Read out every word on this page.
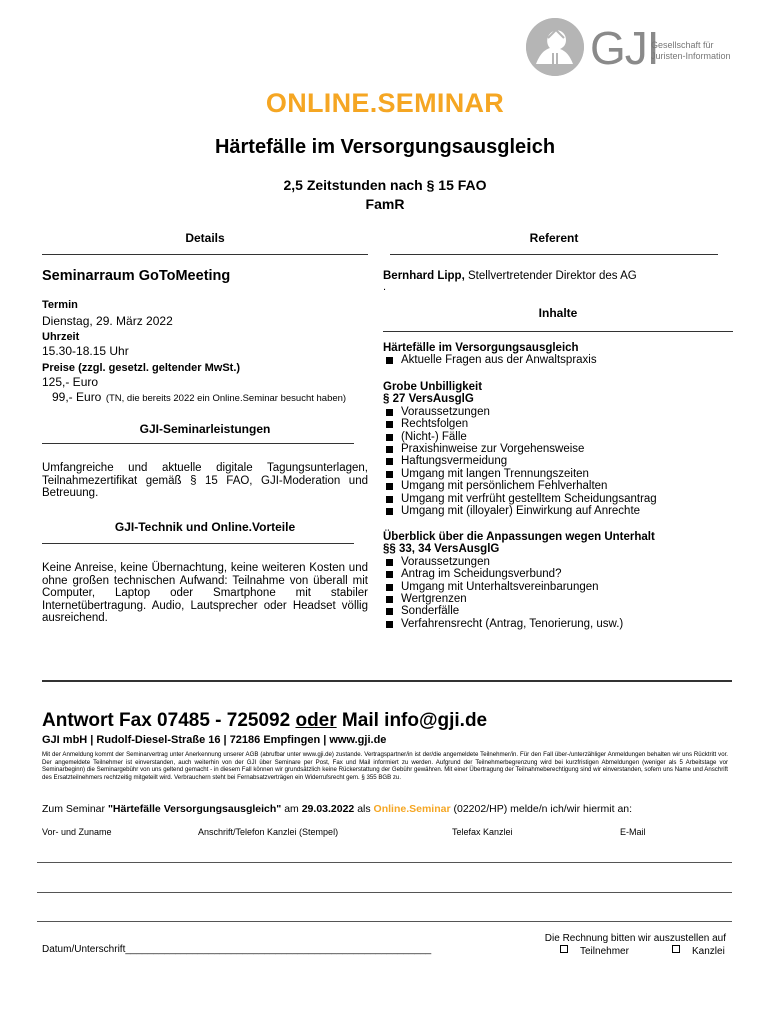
GJI
Gesellschaft für
Juristen-Information
ONLINE.SEMINAR
Härtefälle im Versorgungsausgleich
2,5 Zeitstunden nach § 15 FAO
FamR
Details	Referent
Seminarraum GoToMeeting
Termin
Dienstag, 29. März 2022
Uhrzeit
15.30-18.15 Uhr
Preise (zzgl. gesetzl. geltender MwSt.)
125,- Euro
99,- Euro (TN, die bereits 2022 ein Online.Seminar besucht haben)
GJI-Seminarleistungen
Umfangreiche und aktuelle digitale Tagungsunterlagen, Teilnahmezertifikat gemäß § 15 FAO, GJI-Moderation und Betreuung.
GJI-Technik und Online.Vorteile
Keine Anreise, keine Übernachtung, keine weiteren Kosten und ohne großen technischen Aufwand: Teilnahme von überall mit Computer, Laptop oder Smartphone mit stabiler Internetübertragung. Audio, Lautsprecher oder Headset völlig ausreichend.
Bernhard Lipp, Stellvertretender Direktor des AG
.
Inhalte
Härtefälle im Versorgungsausgleich
Aktuelle Fragen aus der Anwaltspraxis
Grobe Unbilligkeit
§ 27 VersAusglG
Voraussetzungen
Rechtsfolgen
(Nicht-) Fälle
Praxishinweise zur Vorgehensweise
Haftungsvermeidung
Umgang mit langen Trennungszeiten
Umgang mit persönlichem Fehlverhalten
Umgang mit verfrüht gestelltem Scheidungsantrag
Umgang mit (illoyaler) Einwirkung auf Anrechte
Überblick über die Anpassungen wegen Unterhalt
§§ 33, 34 VersAusglG
Voraussetzungen
Antrag im Scheidungsverbund?
Umgang mit Unterhaltsvereinbarungen
Wertgrenzen
Sonderfälle
Verfahrensrecht (Antrag, Tenorierung, usw.)
Antwort Fax 07485 - 725092 oder Mail info@gji.de
GJI mbH | Rudolf-Diesel-Straße 16 | 72186 Empfingen | www.gji.de
Mit der Anmeldung kommt der Seminarvertrag unter Anerkennung unserer AGB (abrufbar unter www.gji.de) zustande. Vertragspartner/in ist der/die angemeldete Teilnehmer/in. Für den Fall über-/unterzähliger Anmeldungen behalten wir uns Rücktritt vor. Der angemeldete Teilnehmer ist einverstanden, auch weiterhin von der GJI über Seminare per Post, Fax und Mail informiert zu werden. Aufgrund der Teilnehmerbegrenzung wird bei kurzfristigen Abmeldungen (weniger als 5 Arbeitstage vor Seminarbeginn) die Seminargebühr von uns geltend gemacht - in diesem Fall können wir grundsätzlich keine Rückerstattung der Gebühr gewähren. Mit einer Übertragung der Teilnahmeberechtigung sind wir einverstanden, sofern uns Name und Anschrift des Ersatzteilnehmers rechtzeitig mitgeteilt wird. Verbrauchern steht bei Fernabsatzverträgen ein Widerrufsrecht gem. § 355 BGB zu.
Zum Seminar "Härtefälle Versorgungsausgleich" am 29.03.2022 als Online.Seminar (02202/HP) melde/n ich/wir hiermit an:
Vor- und Zuname	Anschrift/Telefon Kanzlei (Stempel)	Telefax Kanzlei	E-Mail
Datum/Unterschrift_______________________________________________________
Die Rechnung bitten wir auszustellen auf
Teilnehmer	Kanzlei
